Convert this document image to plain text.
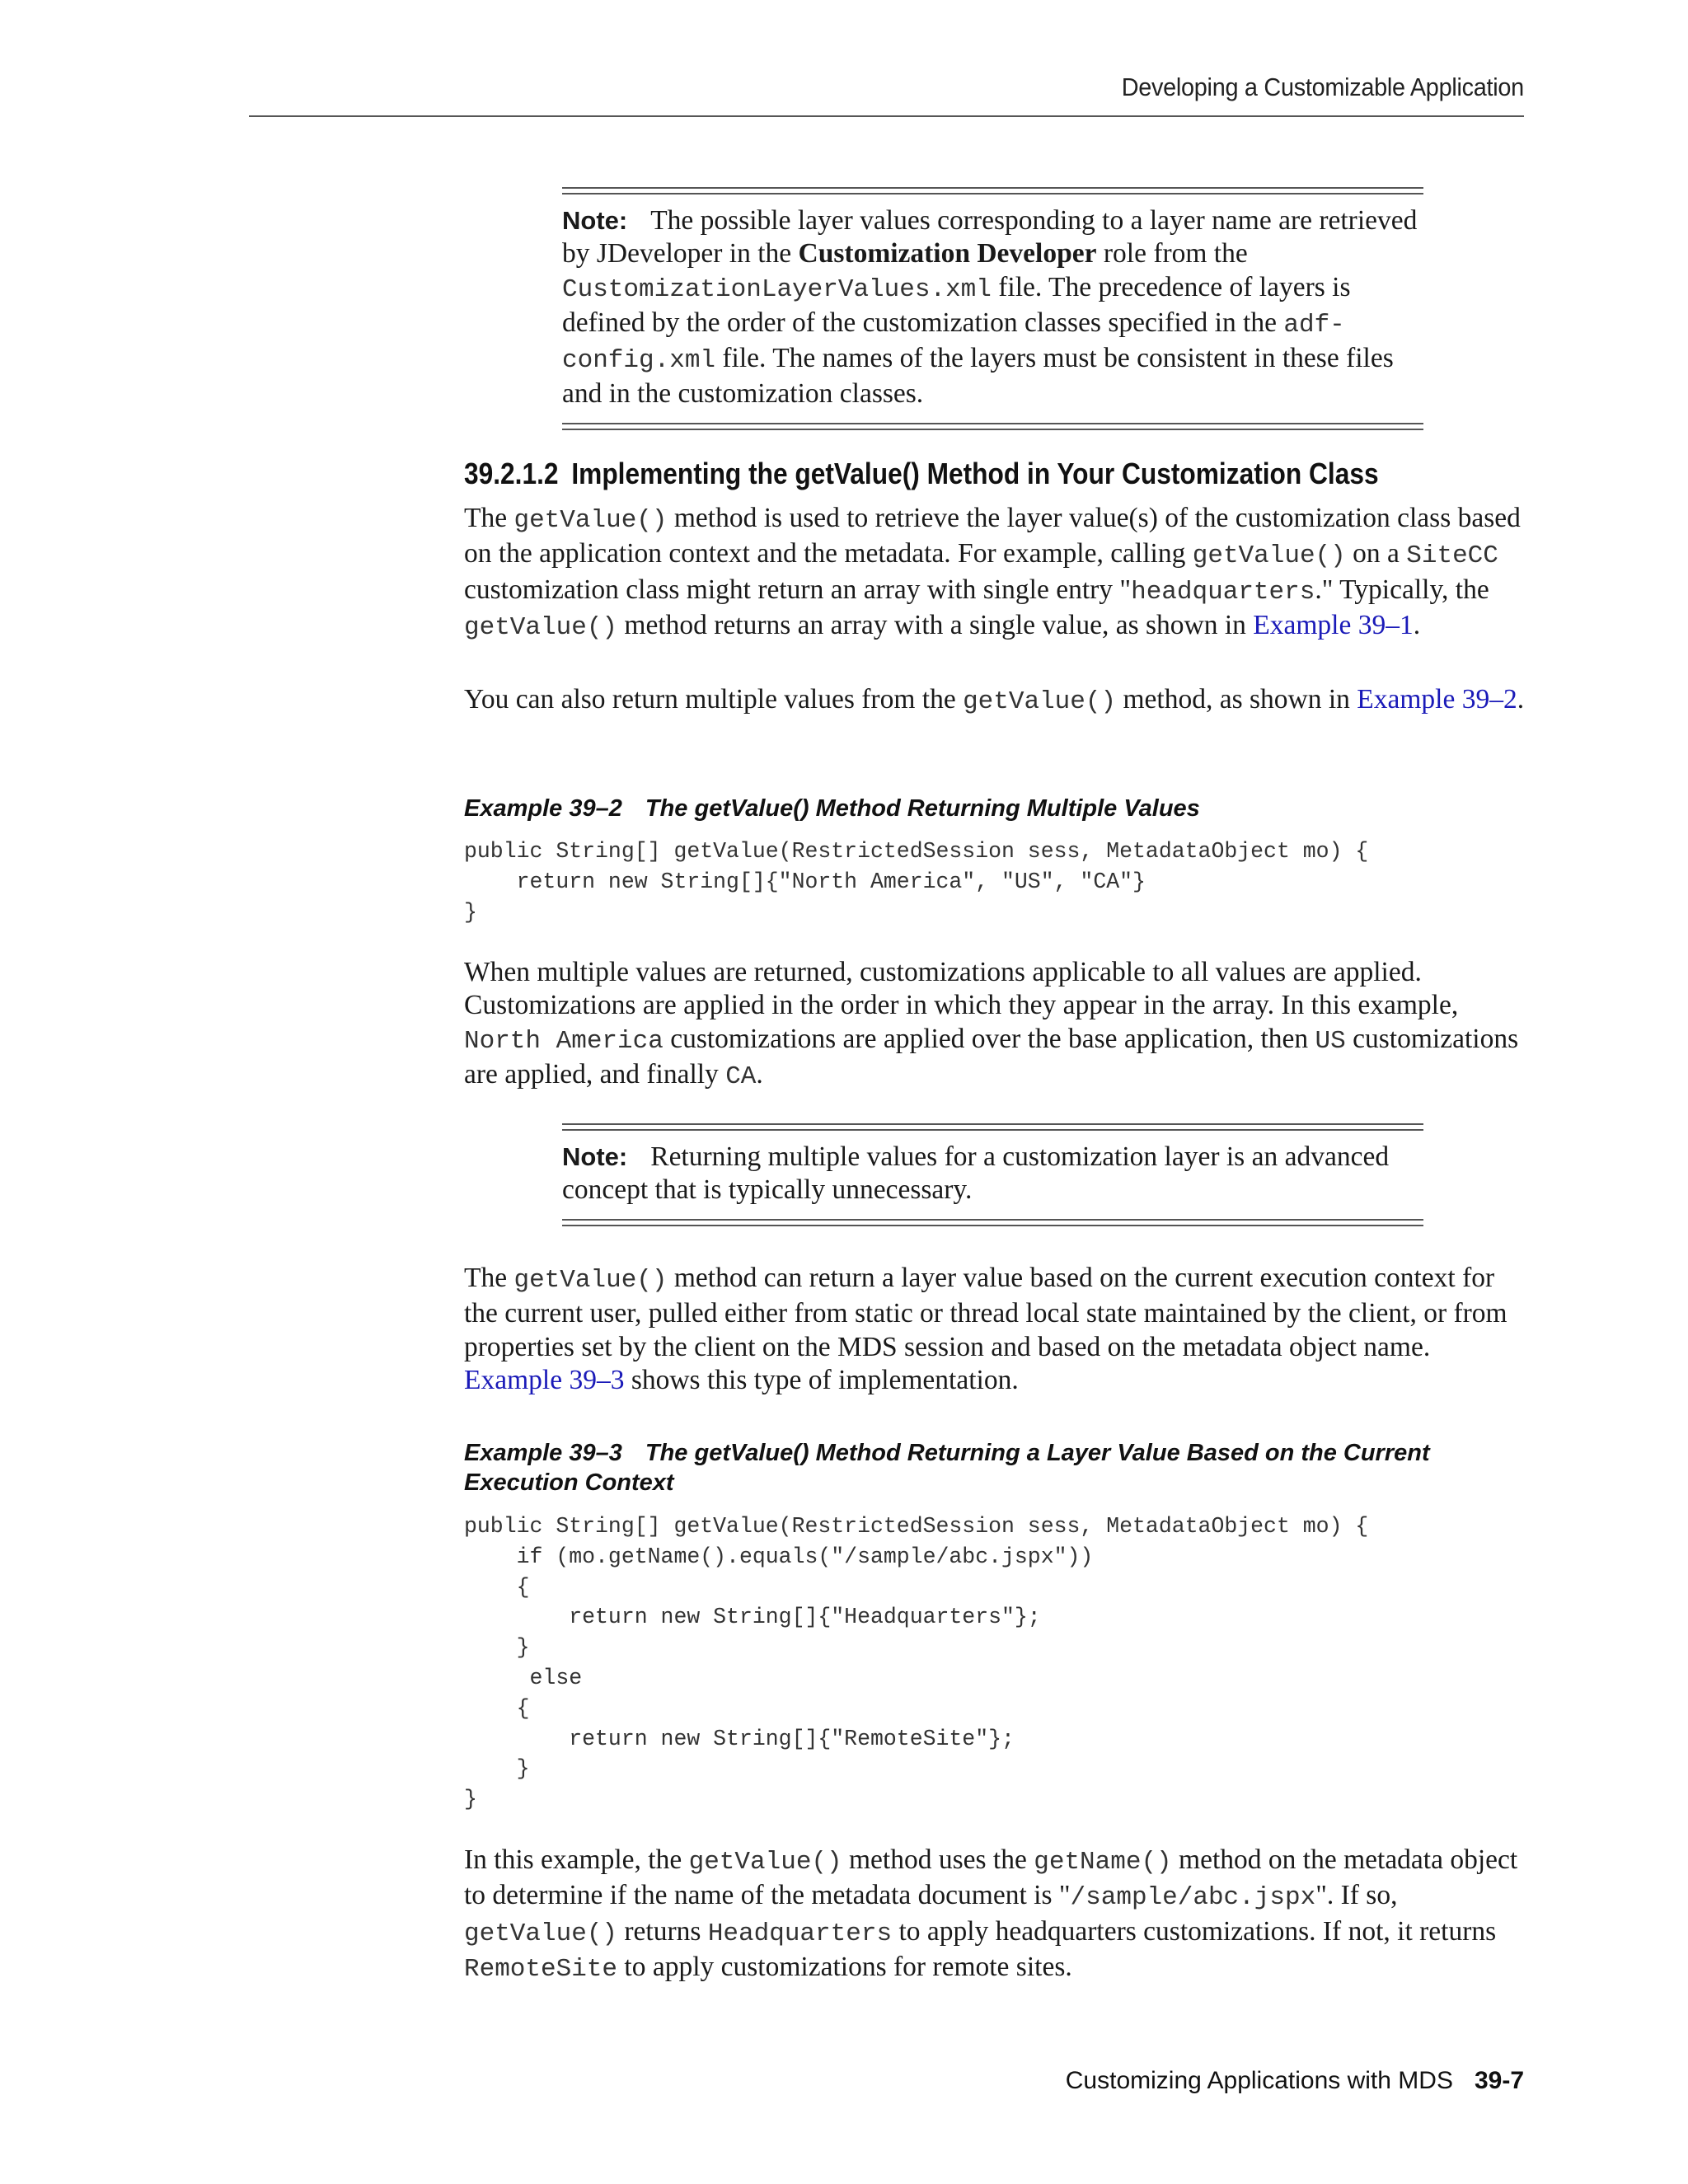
Developing a Customizable Application
Note: The possible layer values corresponding to a layer name are retrieved by JDeveloper in the Customization Developer role from the CustomizationLayerValues.xml file. The precedence of layers is defined by the order of the customization classes specified in the adf-config.xml file. The names of the layers must be consistent in these files and in the customization classes.
39.2.1.2 Implementing the getValue() Method in Your Customization Class

The getValue() method is used to retrieve the layer value(s) of the customization class based on the application context and the metadata. For example, calling getValue() on a SiteCC customization class might return an array with single entry "headquarters." Typically, the getValue() method returns an array with a single value, as shown in Example 39–1.

You can also return multiple values from the getValue() method, as shown in Example 39–2.

Example 39–2 The getValue() Method Returning Multiple Values
public String[] getValue(RestrictedSession sess, MetadataObject mo) {
return new String[]{"North America", "US", "CA"}
}

When multiple values are returned, customizations applicable to all values are applied. Customizations are applied in the order in which they appear in the array. In this example, North America customizations are applied over the base application, then US customizations are applied, and finally CA.

Note: Returning multiple values for a customization layer is an advanced concept that is typically unnecessary.

The getValue() method can return a layer value based on the current execution context for the current user, pulled either from static or thread local state maintained by the client, or from properties set by the client on the MDS session and based on the metadata object name. Example 39–3 shows this type of implementation.

Example 39–3 The getValue() Method Returning a Layer Value Based on the Current Execution Context
public String[] getValue(RestrictedSession sess, MetadataObject mo) {
if (mo.getName().equals("/sample/abc.jspx"))
{
return new String[]{"Headquarters"};
}
else
{
return new String[]{"RemoteSite"};
}
}

In this example, the getValue() method uses the getName() method on the metadata object to determine if the name of the metadata document is "/sample/abc.jspx". If so, getValue() returns Headquarters to apply headquarters customizations. If not, it returns RemoteSite to apply customizations for remote sites.

Customizing Applications with MDS 39-7
